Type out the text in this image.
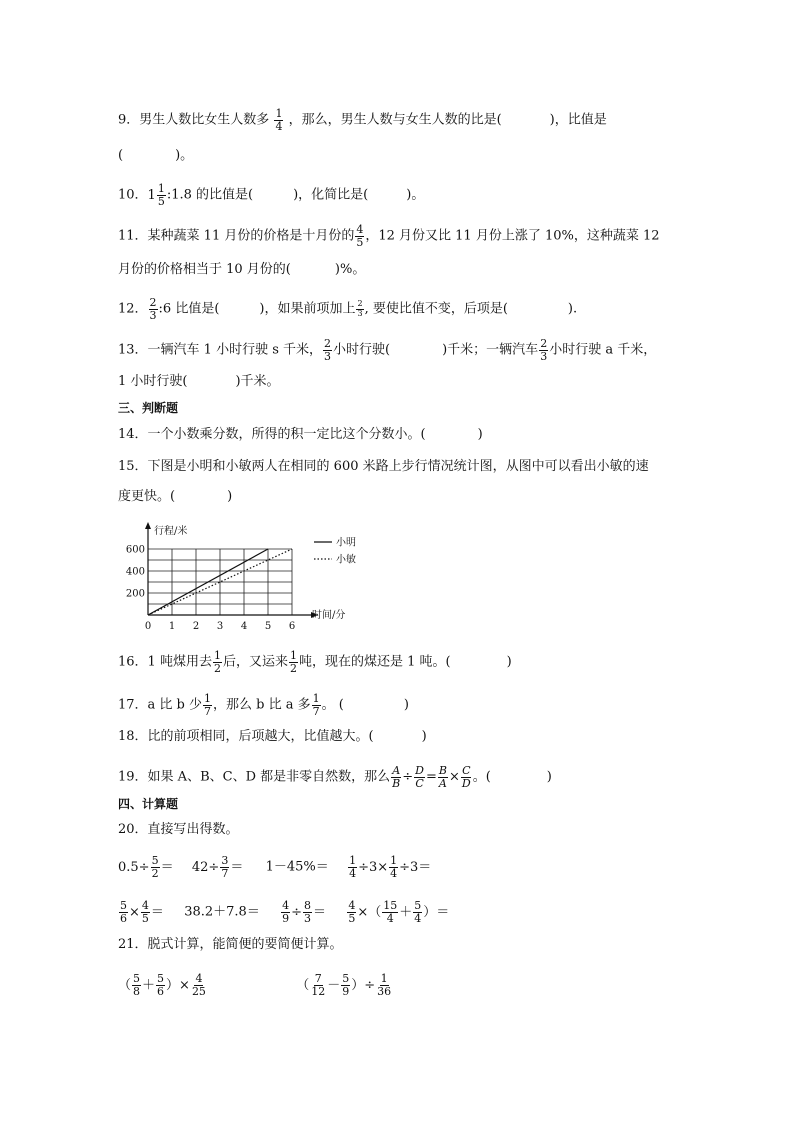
9．男生人数比女生人数多 $\frac{1}{4}$ ，那么，男生人数与女生人数的比是(	)，比值是
(	)。
10． $1 \frac{1}{5}$ :1.8 的比值是(	)，化简比是(	)。
11．某种蔬菜 11 月份的价格是十月份的 $\frac{4}{5}$ ，12 月份又比 11 月份上涨了 10%，这种蔬菜 12
月份的价格相当于 10 月份的(	)%。
12． $\frac{2}{3}$ :6 比值是(	)，如果前项加上 $\frac{2}{3}$ , 要使比值不变，后项是(	).
13．一辆汽车 1 小时行驶 s 千米， $\frac{2}{3}$ 小时行驶(	)千米；一辆汽车 $\frac{2}{3}$ 小时行驶 a 千米，
1 小时行驶(	)千米。
三、判断题
14．一个小数乘分数，所得的积一定比这个分数小。(	)
15．下图是小明和小敏两人在相同的 600 米路上步行情况统计图，从图中可以看出小敏的速
度更快。(	)
0 1 2 3 4 5 6
200
400
600
行程/米
时间/分
小明
小敏
16．1 吨煤用去 $\frac{1}{2}$ 后，又运来 $\frac{1}{2}$ 吨，现在的煤还是 1 吨。(	)
17．a 比 b 少 $\frac{1}{7}$ ，那么 b 比 a 多 $\frac{1}{7}$ 。 (	)
18．比的前项相同，后项越大，比值越大。(	)
19．如果 A、B、C、D 都是非零自然数，那么 $\frac{A}{B} \div \frac{D}{C} = \frac{B}{A} \times \frac{C}{D}$ 。(	)
四、计算题
20．直接写出得数。
$0.5\div \frac{5}{2} = 42\div \frac{3}{7} = 1-45\%= \frac{1}{4} \div 3\times \frac{1}{4} \div 3=$
$\frac{5}{6} \times \frac{4}{5} = 38.2+7.8= \frac{4}{9} \div \frac{8}{3} = \frac{4}{5}$ ×（ $\frac{15}{4} + \frac{5}{4}$ ）＝
21．脱式计算，能简便的要简便计算。
（ $\frac{5}{8} + \frac{5}{6}$ ）× $\frac{4}{25}$	（ $\frac{7}{12} - \frac{5}{9}$ ）÷ $\frac{1}{36}$
